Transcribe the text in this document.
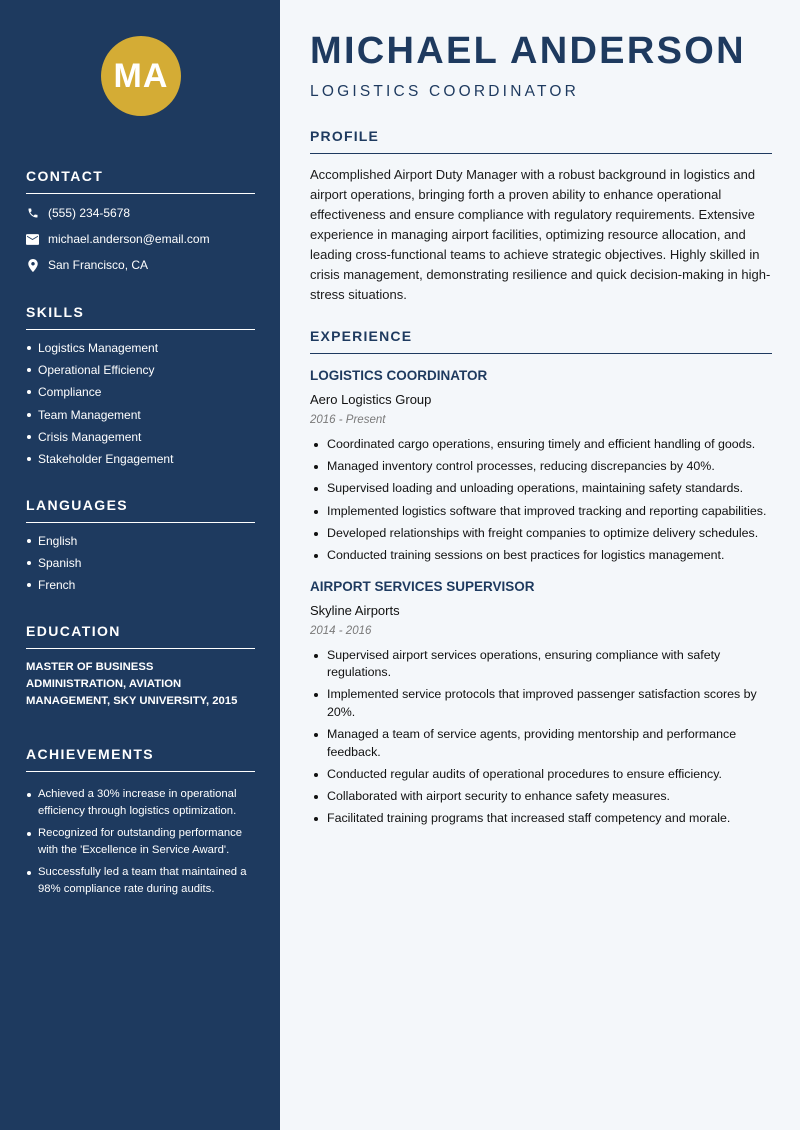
MA
CONTACT
(555) 234-5678
michael.anderson@email.com
San Francisco, CA
SKILLS
Logistics Management
Operational Efficiency
Compliance
Team Management
Crisis Management
Stakeholder Engagement
LANGUAGES
English
Spanish
French
EDUCATION
MASTER OF BUSINESS ADMINISTRATION, AVIATION MANAGEMENT, SKY UNIVERSITY, 2015
ACHIEVEMENTS
Achieved a 30% increase in operational efficiency through logistics optimization.
Recognized for outstanding performance with the 'Excellence in Service Award'.
Successfully led a team that maintained a 98% compliance rate during audits.
MICHAEL ANDERSON
LOGISTICS COORDINATOR
PROFILE
Accomplished Airport Duty Manager with a robust background in logistics and airport operations, bringing forth a proven ability to enhance operational effectiveness and ensure compliance with regulatory requirements. Extensive experience in managing airport facilities, optimizing resource allocation, and leading cross-functional teams to achieve strategic objectives. Highly skilled in crisis management, demonstrating resilience and quick decision-making in high-stress situations.
EXPERIENCE
LOGISTICS COORDINATOR
Aero Logistics Group
2016 - Present
Coordinated cargo operations, ensuring timely and efficient handling of goods.
Managed inventory control processes, reducing discrepancies by 40%.
Supervised loading and unloading operations, maintaining safety standards.
Implemented logistics software that improved tracking and reporting capabilities.
Developed relationships with freight companies to optimize delivery schedules.
Conducted training sessions on best practices for logistics management.
AIRPORT SERVICES SUPERVISOR
Skyline Airports
2014 - 2016
Supervised airport services operations, ensuring compliance with safety regulations.
Implemented service protocols that improved passenger satisfaction scores by 20%.
Managed a team of service agents, providing mentorship and performance feedback.
Conducted regular audits of operational procedures to ensure efficiency.
Collaborated with airport security to enhance safety measures.
Facilitated training programs that increased staff competency and morale.
